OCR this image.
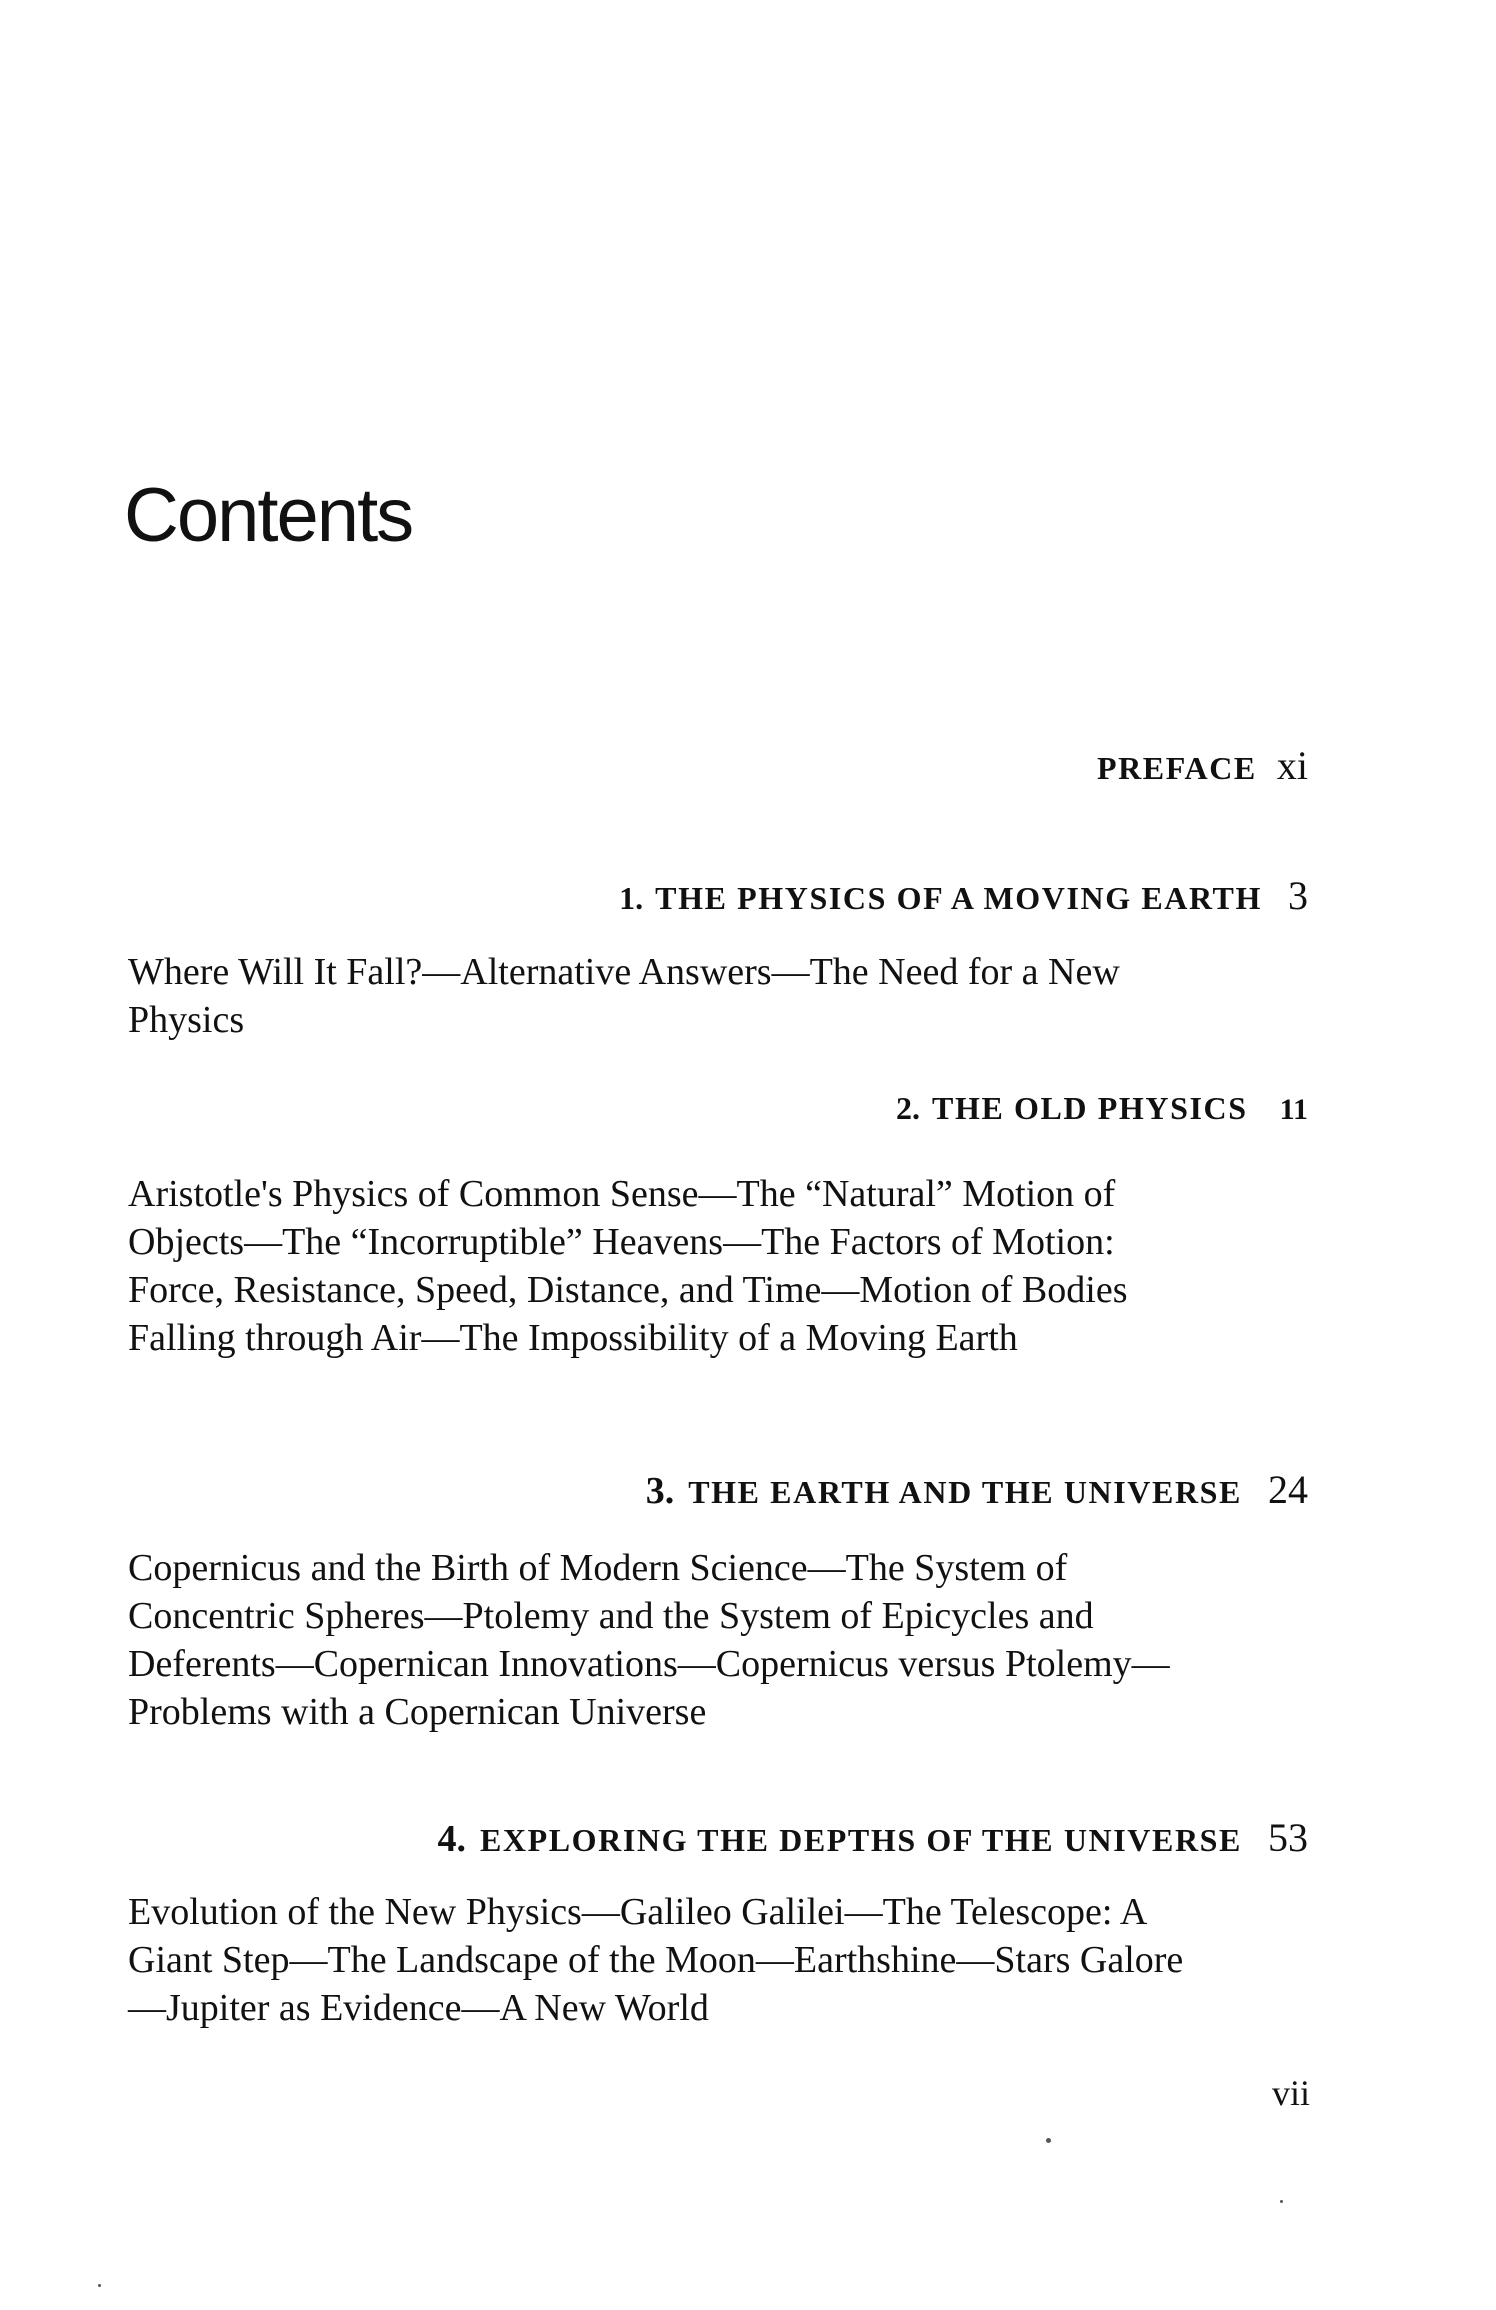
Contents
PREFACE xi
1. THE PHYSICS OF A MOVING EARTH 3
Where Will It Fall?—Alternative Answers—The Need for a New
Physics
2. THE OLD PHYSICS 11
Aristotle's Physics of Common Sense—The “Natural” Motion of
Objects—The “Incorruptible” Heavens—The Factors of Motion:
Force, Resistance, Speed, Distance, and Time—Motion of Bodies
Falling through Air—The Impossibility of a Moving Earth
3. THE EARTH AND THE UNIVERSE 24
Copernicus and the Birth of Modern Science—The System of
Concentric Spheres—Ptolemy and the System of Epicycles and
Deferents—Copernican Innovations—Copernicus versus Ptolemy—
Problems with a Copernican Universe
4. EXPLORING THE DEPTHS OF THE UNIVERSE 53
Evolution of the New Physics—Galileo Galilei—The Telescope: A
Giant Step—The Landscape of the Moon—Earthshine—Stars Galore
—Jupiter as Evidence—A New World
vii
